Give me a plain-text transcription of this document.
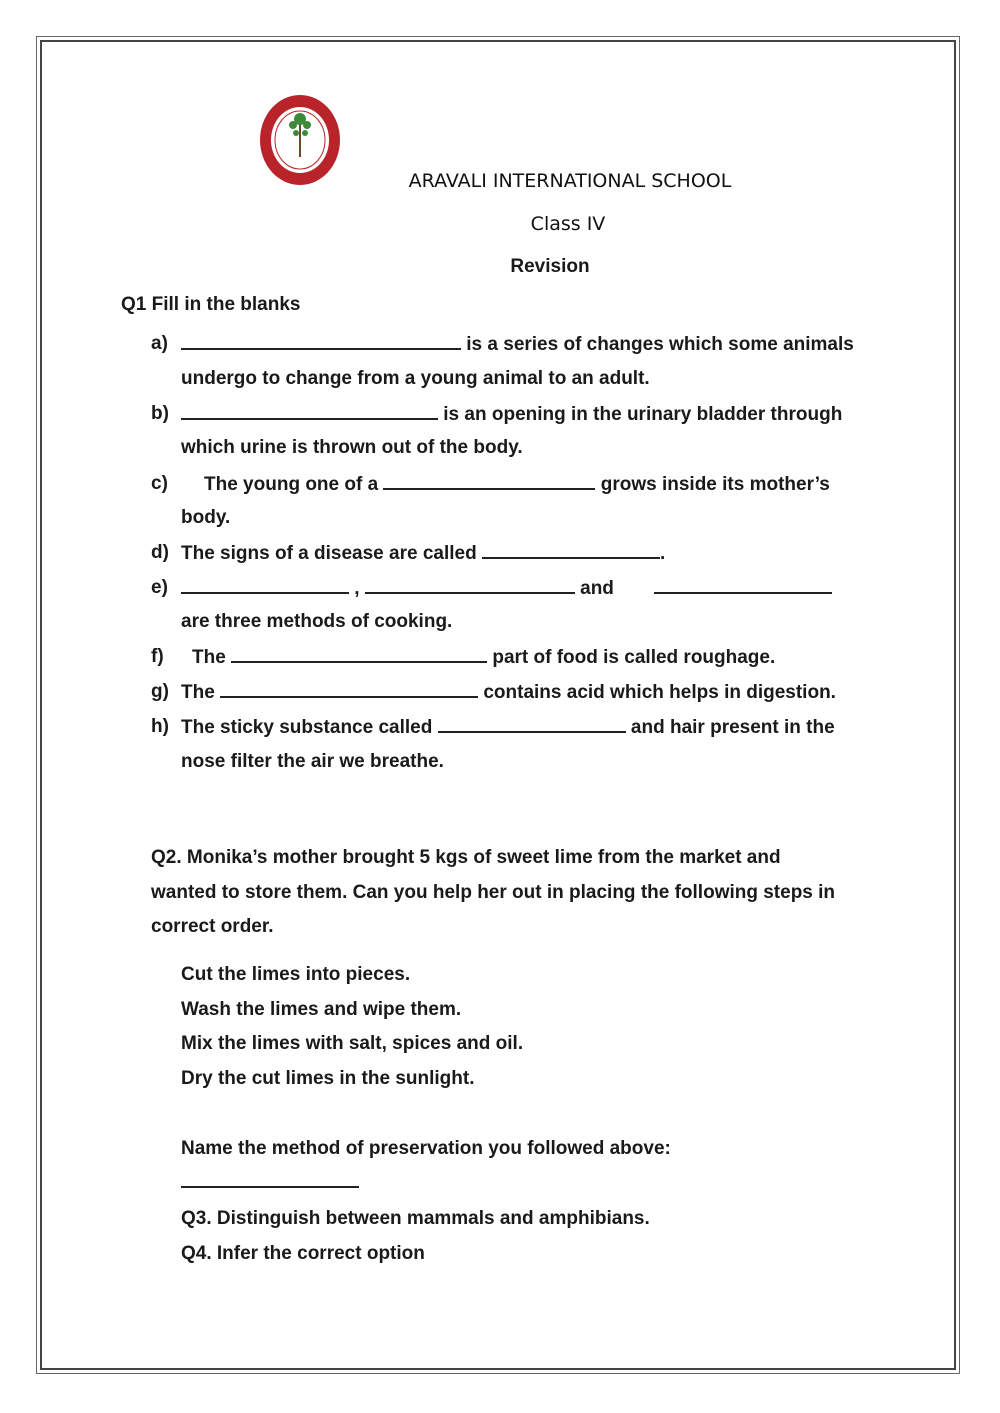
ARAVALI INTERNATIONAL SCHOOL
Class IV
Revision
Q1 Fill in the blanks
a)	is a series of changes which some animals
undergo to change from a young animal to an adult.
b)	is an opening in the urinary bladder through
which urine is thrown out of the body.
c) The young one of a	grows inside its mother’s
body.
d) The signs of a disease are called	.
e)	,	and
are three methods of cooking.
f) The	part of food is called roughage.
g) The	contains acid which helps in digestion.
h) The sticky substance called	and hair present in the
nose filter the air we breathe.
Q2. Monika’s mother brought 5 kgs of sweet lime from the market and
wanted to store them. Can you help her out in placing the following steps in
correct order.
Cut the limes into pieces.
Wash the limes and wipe them.
Mix the limes with salt, spices and oil.
Dry the cut limes in the sunlight.
Name the method of preservation you followed above:
Q3. Distinguish between mammals and amphibians.
Q4. Infer the correct option
